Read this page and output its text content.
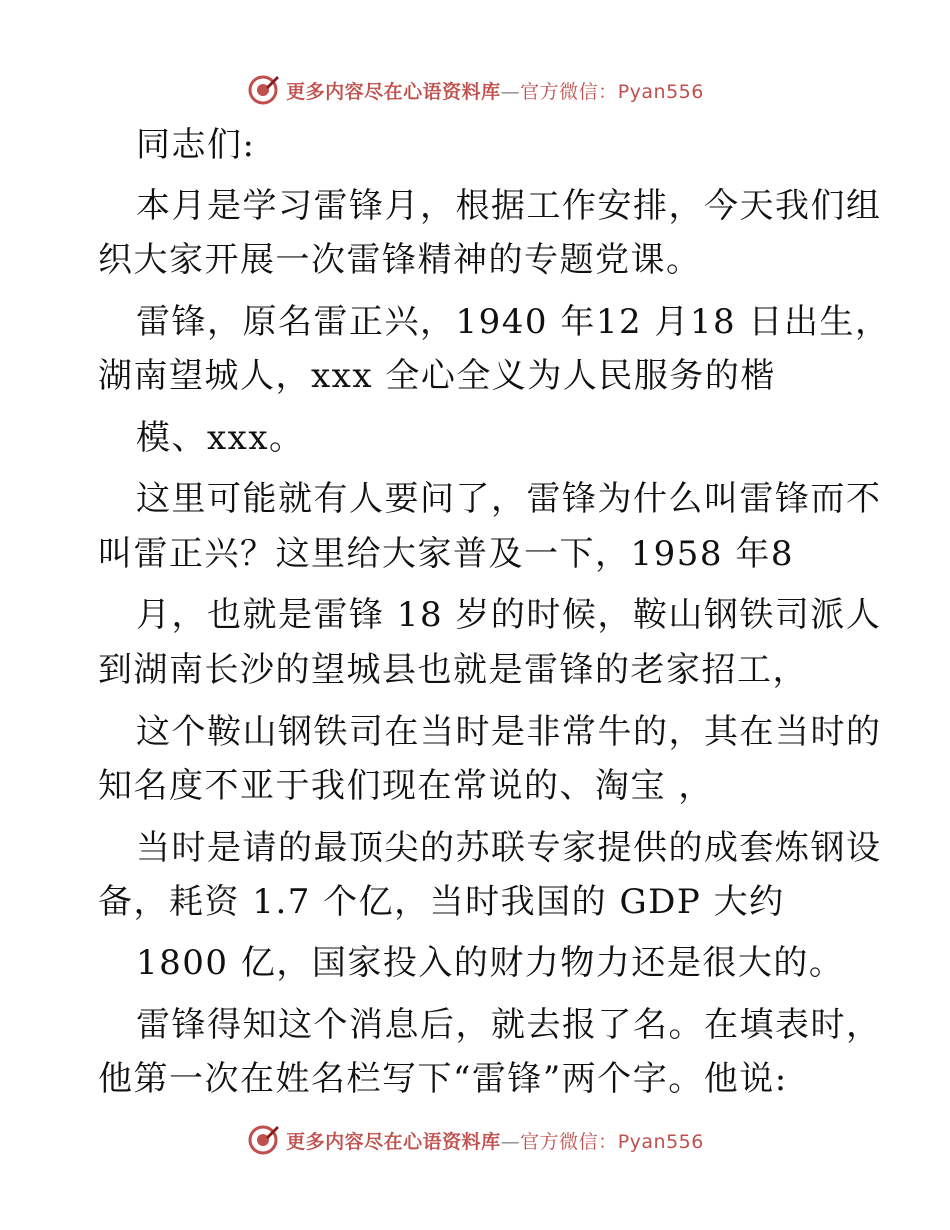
更多内容尽在心语资料库—官方微信：Pyan556
同志们:
本月是学习雷锋月，根据工作安排，今天我们组
织大家开展一次雷锋精神的专题党课。
雷锋，原名雷正兴，1940 年12 月18 日出生，
湖南望城人，xxx 全心全义为人民服务的楷
模、xxx。
这里可能就有人要问了，雷锋为什么叫雷锋而不
叫雷正兴？这里给大家普及一下，1958 年8
月，也就是雷锋 18 岁的时候，鞍山钢铁司派人
到湖南长沙的望城县也就是雷锋的老家招工，
这个鞍山钢铁司在当时是非常牛的，其在当时的
知名度不亚于我们现在常说的、淘宝 ，
当时是请的最顶尖的苏联专家提供的成套炼钢设
备，耗资 1.7 个亿，当时我国的 GDP 大约
1800 亿，国家投入的财力物力还是很大的。
雷锋得知这个消息后，就去报了名。在填表时，
他第一次在姓名栏写下“雷锋”两个字。他说:
更多内容尽在心语资料库—官方微信：Pyan556
